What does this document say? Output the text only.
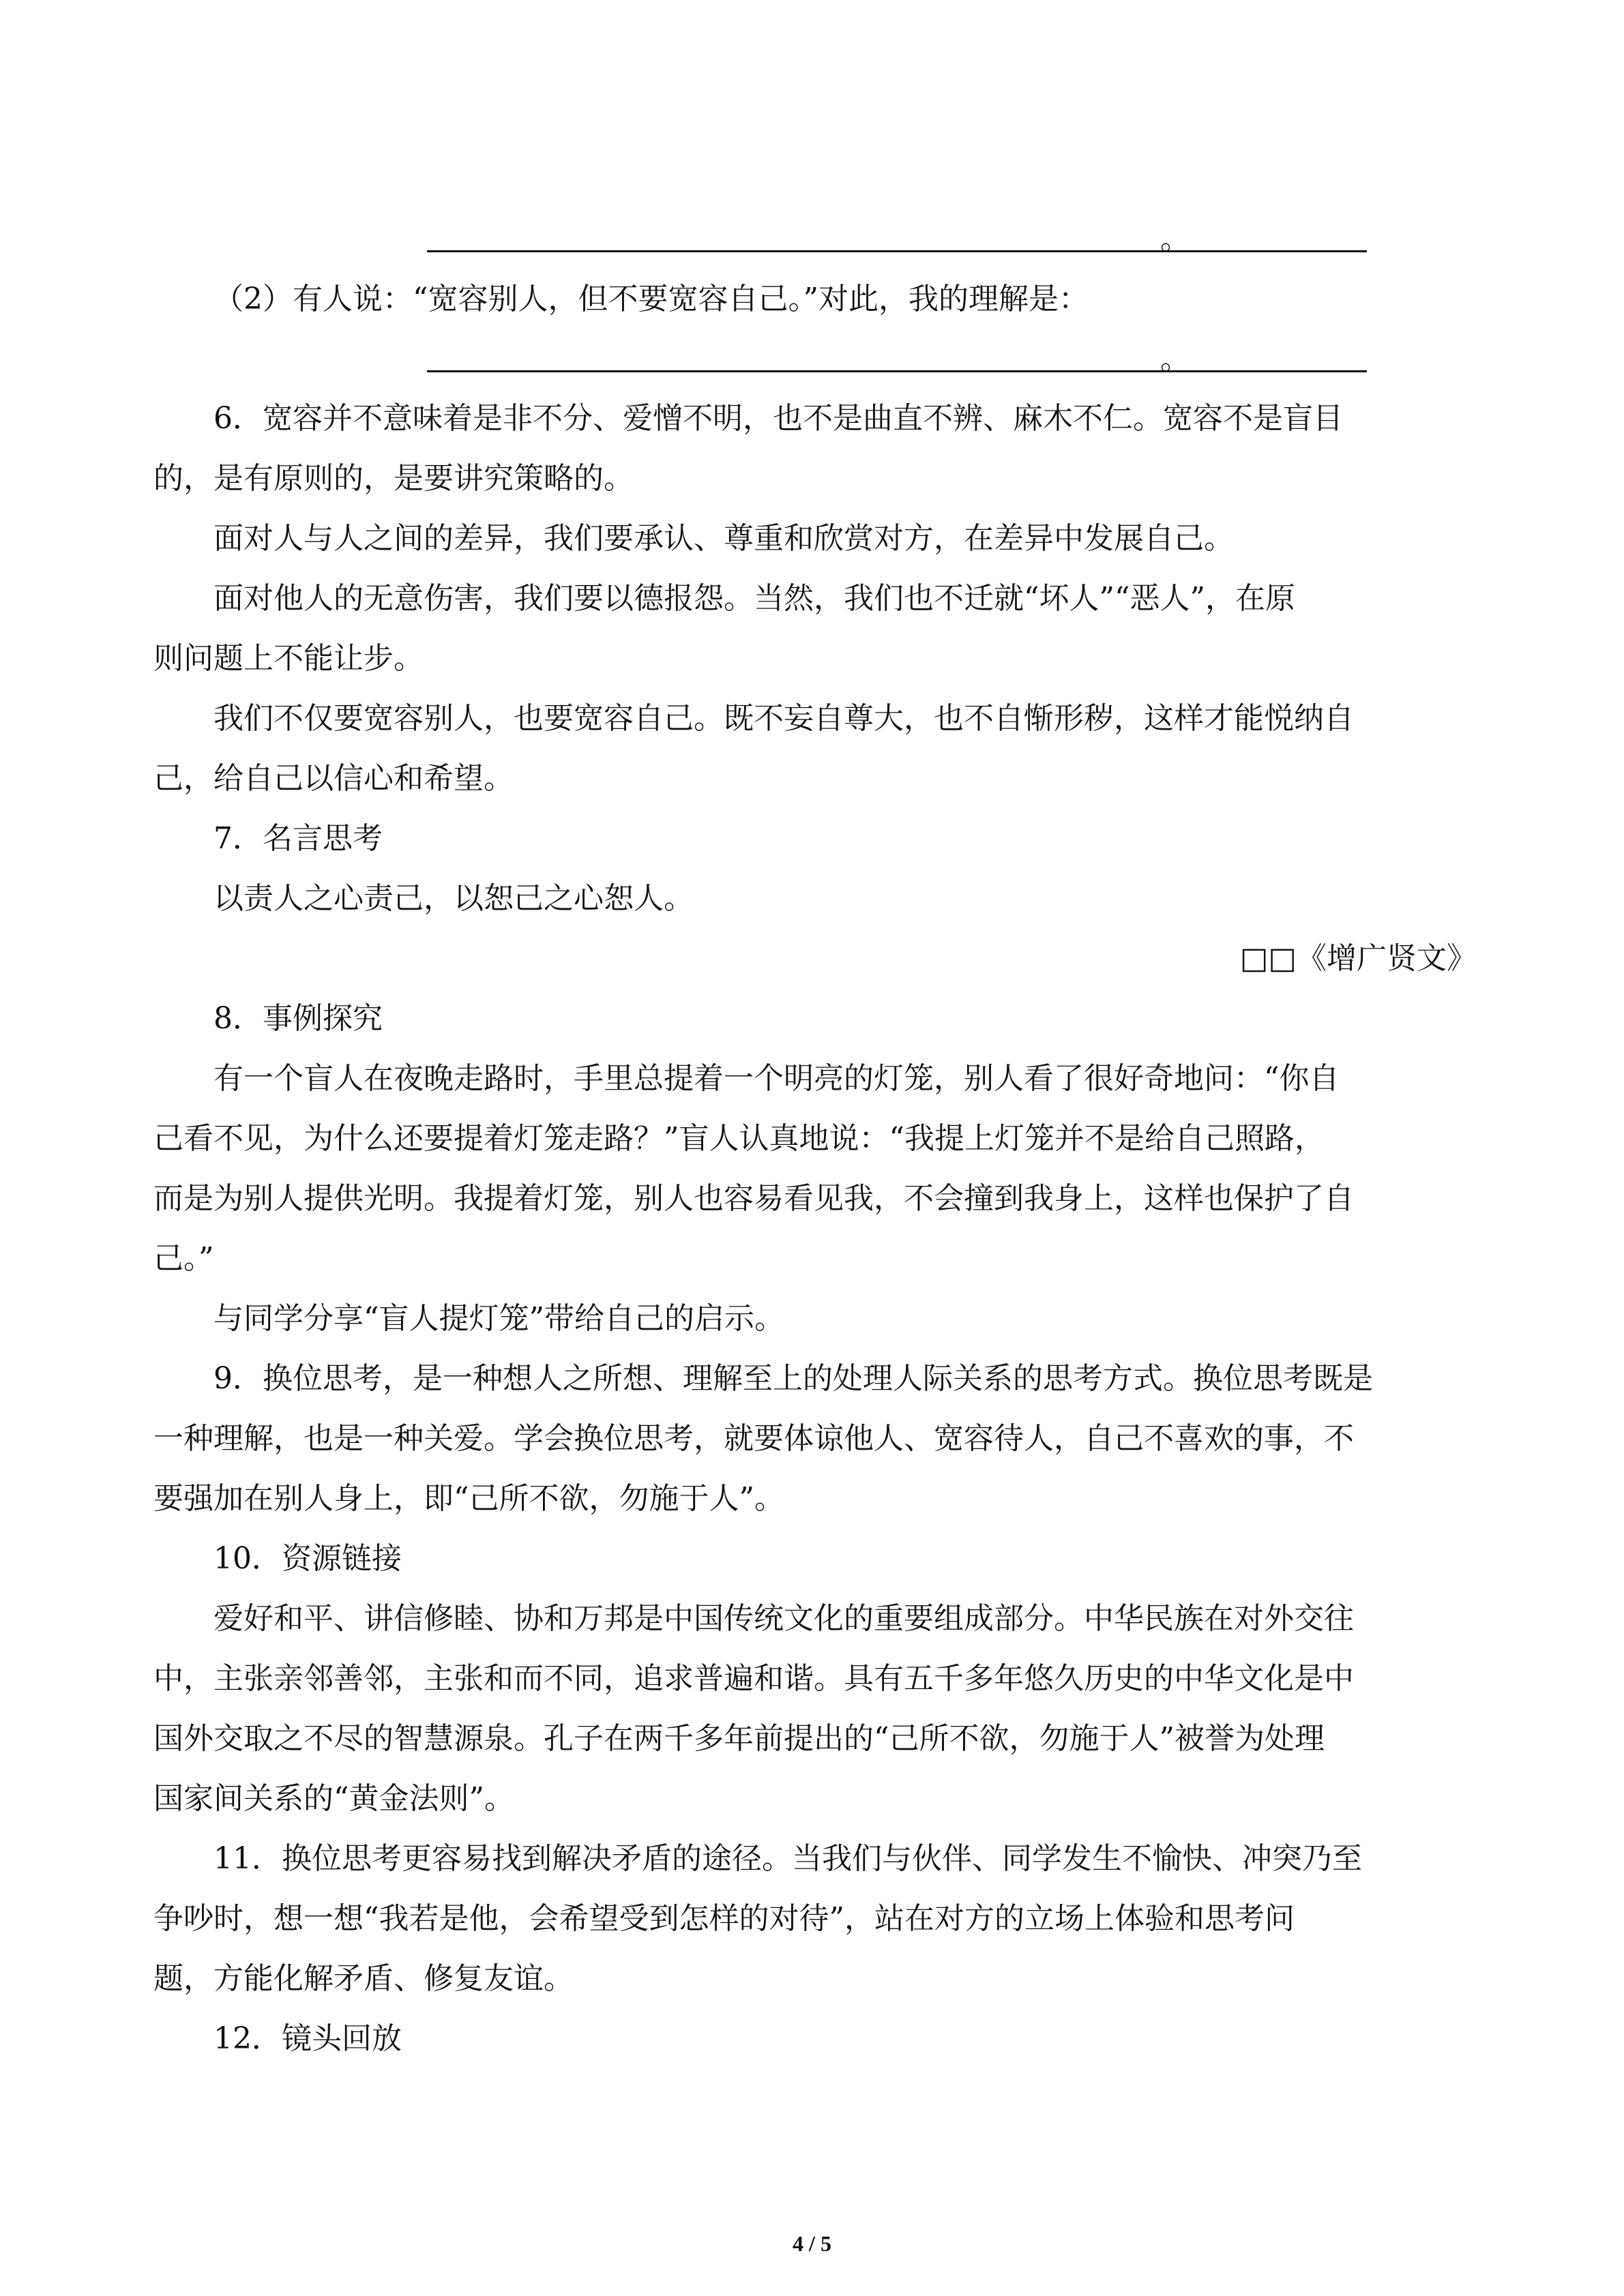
。
（2）有人说：“宽容别人，但不要宽容自己。”对此，我的理解是：
。
6．宽容并不意味着是非不分、爱憎不明，也不是曲直不辨、麻木不仁。宽容不是盲目
的，是有原则的，是要讲究策略的。
面对人与人之间的差异，我们要承认、尊重和欣赏对方，在差异中发展自己。
面对他人的无意伤害，我们要以德报怨。当然，我们也不迁就“坏人”“恶人”，在原
则问题上不能让步。
我们不仅要宽容别人，也要宽容自己。既不妄自尊大，也不自惭形秽，这样才能悦纳自
己，给自己以信心和希望。
7．名言思考
以责人之心责己，以恕己之心恕人。
□□《增广贤文》
8．事例探究
有一个盲人在夜晚走路时，手里总提着一个明亮的灯笼，别人看了很好奇地问：“你自
己看不见，为什么还要提着灯笼走路？”盲人认真地说：“我提上灯笼并不是给自己照路，
而是为别人提供光明。我提着灯笼，别人也容易看见我，不会撞到我身上，这样也保护了自
己。”
与同学分享“盲人提灯笼”带给自己的启示。
9．换位思考，是一种想人之所想、理解至上的处理人际关系的思考方式。换位思考既是
一种理解，也是一种关爱。学会换位思考，就要体谅他人、宽容待人，自己不喜欢的事，不
要强加在别人身上，即“己所不欲，勿施于人”。
10．资源链接
爱好和平、讲信修睦、协和万邦是中国传统文化的重要组成部分。中华民族在对外交往
中，主张亲邻善邻，主张和而不同，追求普遍和谐。具有五千多年悠久历史的中华文化是中
国外交取之不尽的智慧源泉。孔子在两千多年前提出的“己所不欲，勿施于人”被誉为处理
国家间关系的“黄金法则”。
11．换位思考更容易找到解决矛盾的途径。当我们与伙伴、同学发生不愉快、冲突乃至
争吵时，想一想“我若是他，会希望受到怎样的对待”，站在对方的立场上体验和思考问
题，方能化解矛盾、修复友谊。
12．镜头回放
4 / 5
